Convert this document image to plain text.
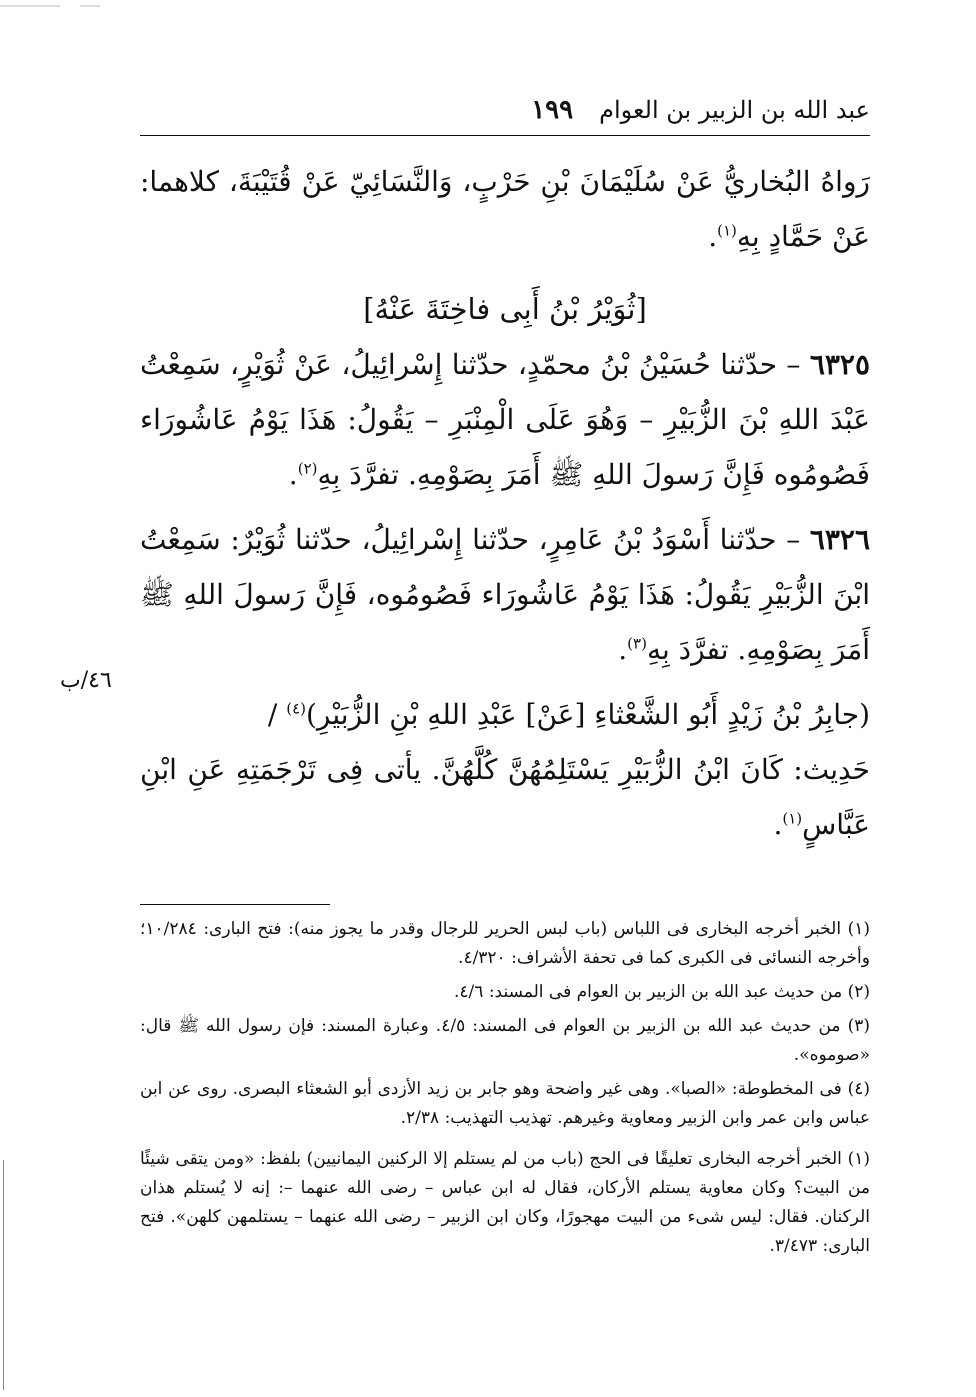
عبد الله بن الزبير بن العوام
١٩٩

رَواهُ البُخاريُّ عَنْ سُلَيْمَانَ بْنِ حَرْبٍ، وَالنَّسَائِيّ عَنْ قُتَيْبَةَ، كلاهما: عَنْ حَمَّادٍ بِهِ$^{(١)}$.

[ثُوَيْرُ بْنُ أَبِى فاخِتَةَ عَنْهُ]

٦٣٢٥ – حدّثنا حُسَيْنُ بْنُ محمّدٍ، حدّثنا إِسْرائِيلُ، عَنْ ثُوَيْرٍ، سَمِعْتُ عَبْدَ اللهِ بْنَ الزُّبَيْرِ – وَهُوَ عَلَى الْمِنْبَرِ – يَقُولُ: هَذَا يَوْمُ عَاشُورَاء فَصُومُوه فَإِنَّ رَسولَ اللهِ ﷺ أَمَرَ بِصَوْمِهِ. تفرَّدَ بِهِ$^{(٢)}$.

٦٣٢٦ – حدّثنا أَسْوَدُ بْنُ عَامِرٍ، حدّثنا إِسْرائِيلُ، حدّثنا ثُوَيْرٌ: سَمِعْتُ ابْنَ الزُّبَيْرِ يَقُولُ: هَذَا يَوْمُ عَاشُورَاء فَصُومُوه، فَإِنَّ رَسولَ اللهِ ﷺ أَمَرَ بِصَوْمِهِ. تفرَّدَ بِهِ$^{(٣)}$.

(جابِرُ بْنُ زَيْدٍ أَبُو الشَّعْثاءِ [عَنْ] عَبْدِ اللهِ بْنِ الزُّبَيْرِ)$^{(٤)}$ /
حَدِيث: كَانَ ابْنُ الزُّبَيْرِ يَسْتَلِمُهُنَّ كُلَّهُنَّ. يأتى فِى تَرْجَمَتِهِ عَنِ ابْنِ عَبَّاسٍ$^{(١)}$.

(١) الخبر أخرجه البخارى فى اللباس (باب لبس الحرير للرجال وقدر ما يجوز منه): فتح البارى: ١٠/٢٨٤؛ وأخرجه النسائى فى الكبرى كما فى تحفة الأشراف: ٤/٣٢٠.

(٢) من حديث عبد الله بن الزبير بن العوام فى المسند: ٤/٦.

(٣) من حديث عبد الله بن الزبير بن العوام فى المسند: ٤/٥. وعبارة المسند: فإن رسول الله ﷺ قال: «صوموه».

(٤) فى المخطوطة: «الصبا». وهى غير واضحة وهو جابر بن زيد الأزدى أبو الشعثاء البصرى. روى عن ابن عباس وابن عمر وابن الزبير ومعاوية وغيرهم. تهذيب التهذيب: ٢/٣٨.

(١) الخبر أخرجه البخارى تعليقًا فى الحج (باب من لم يستلم إلا الركنين اليمانيين) بلفظ: «ومن يتقى شيئًا من البيت؟ وكان معاوية يستلم الأركان، فقال له ابن عباس – رضى الله عنهما –: إنه لا يُستلم هذان الركنان. فقال: ليس شىء من البيت مهجورًا، وكان ابن الزبير – رضى الله عنهما – يستلمهن كلهن». فتح البارى: ٣/٤٧٣.

٤٦/ب
